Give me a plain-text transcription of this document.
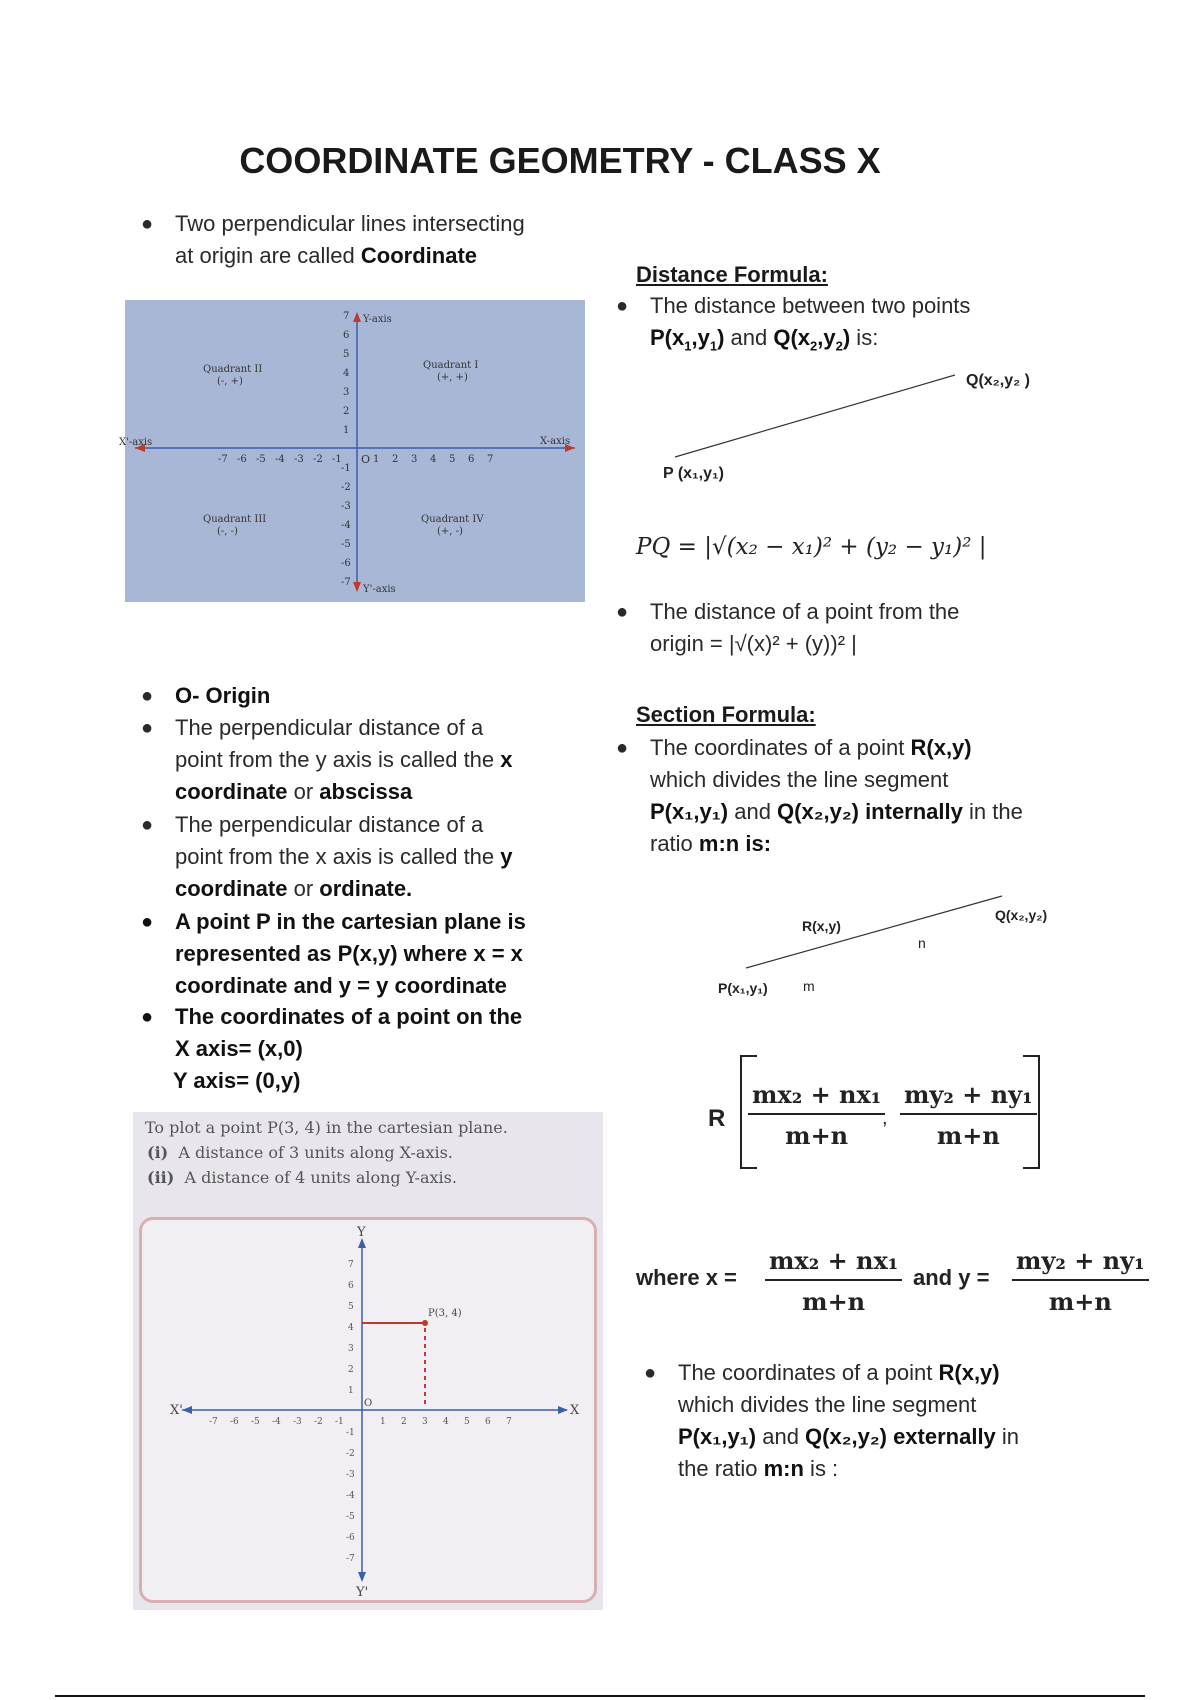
COORDINATE GEOMETRY - CLASS X
● Two perpendicular lines intersecting
at origin are called Coordinate
Quadrant II
(-, +)
Quadrant I
(+, +)
Quadrant III
(-, -)
Quadrant IV
(+, -)
Y-axis
X-axis
X'-axis
Y'-axis
O 1 2 3 4 5 6 7
-7 -6 -5 -4 -3 -2 -1
7
6
5
4
3
2
1
-1
-2
-3
-4
-5
-6
-7
● O- Origin
● The perpendicular distance of a
point from the y axis is called the x
coordinate or abscissa
● The perpendicular distance of a
point from the x axis is called the y
coordinate or ordinate.
● A point P in the cartesian plane is
represented as P(x,y) where x = x
coordinate and y = y coordinate
● The coordinates of a point on the
X axis= (x,0)
Y axis= (0,y)
To plot a point P(3, 4) in the cartesian plane.
(i) A distance of 3 units along X-axis.
(ii) A distance of 4 units along Y-axis.
P(3, 4)
X
X'
Y
Y'
O
1 2 3 4 5 6 7
-7 -6 -5 -4 -3 -2 -1
7
6
5
4
3
2
1
-1
-2
-3
-4
-5
-6
-7
Distance Formula:
● The distance between two points
$P(x_1,y_1)$ and $Q(x_2,y_2)$ is:
Q(x₂,y₂ )
P (x₁,y₁)
PQ = |√(x₂ − x₁)² + (y₂ − y₁)² |
● The distance of a point from the
origin = |√(x)² + (y))² |
Section Formula:
● The coordinates of a point R(x,y)
which divides the line segment
P(x₁,y₁) and Q(x₂,y₂) internally in the
ratio m:n is:
R(x,y)
Q(x₂,y₂)
P(x₁,y₁)	m
n
R $\frac{\text{mx₂ + nx₁}}{m+n}$
, $\frac{\text{my₂ + ny₁}}{m+n}$
where $x = \frac{\text{mx₂ + nx₁}}{m+n}$ and $y = \frac{\text{my₂ + ny₁}}{m+n}$
● The coordinates of a point R(x,y)
which divides the line segment
P(x₁,y₁) and Q(x₂,y₂) externally in
the ratio m:n is :
